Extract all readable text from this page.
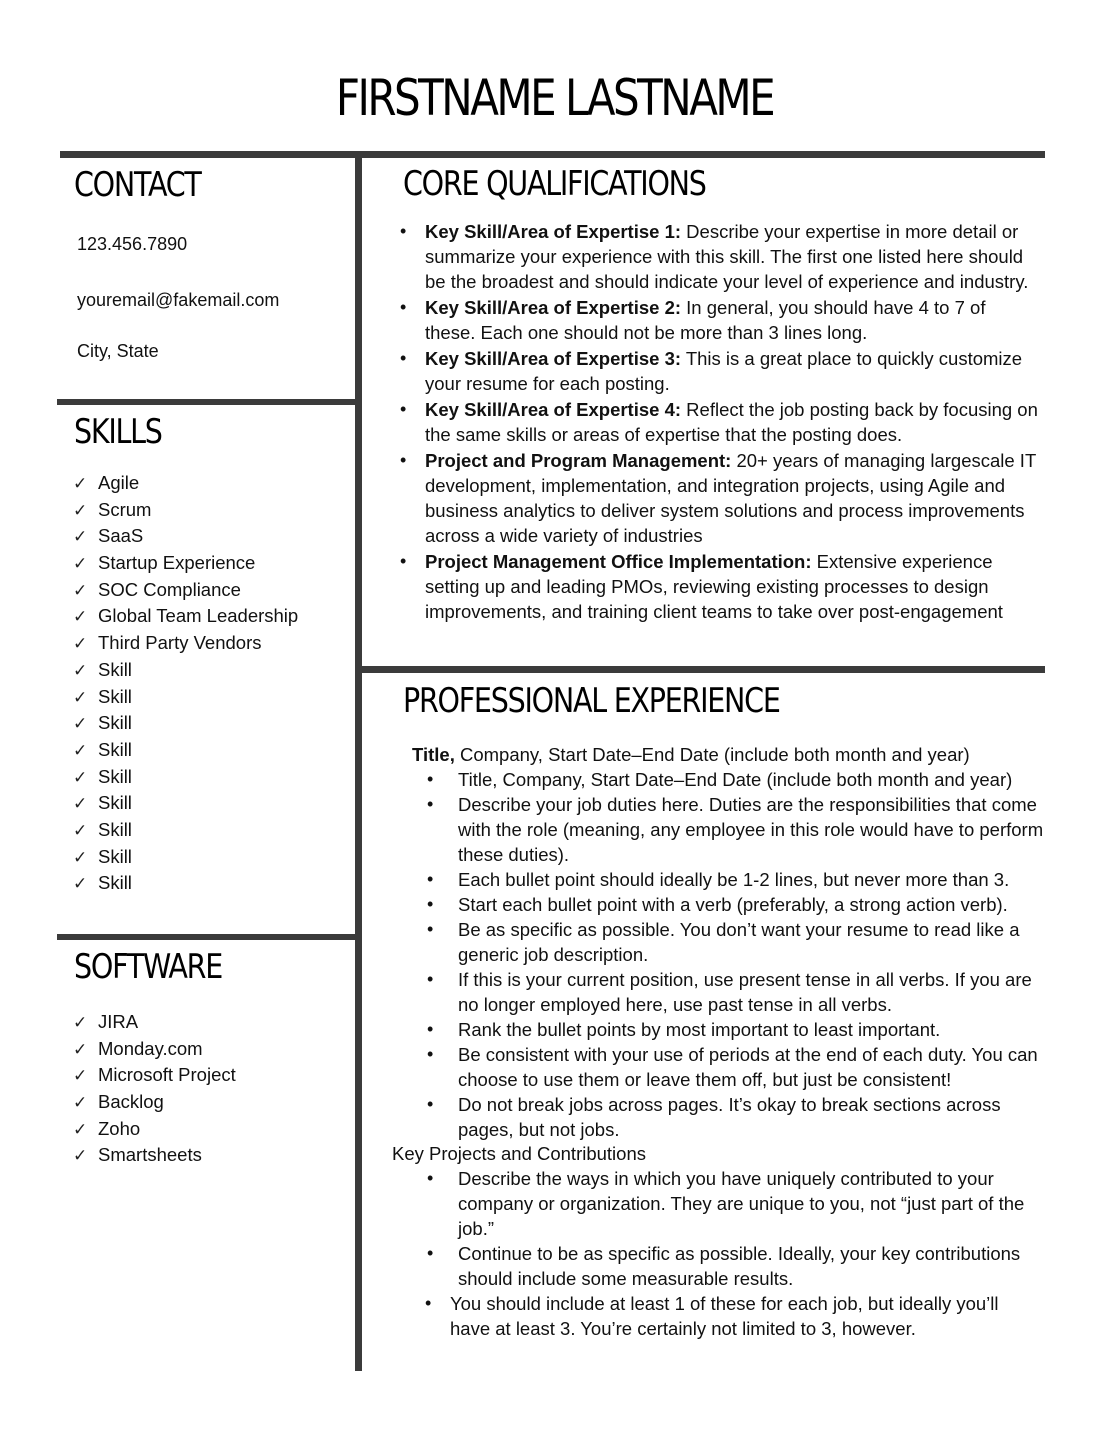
FIRSTNAME LASTNAME
CONTACT
123.456.7890
youremail@fakemail.com
City, State
SKILLS
✓ Agile
✓ Scrum
✓ SaaS
✓ Startup Experience
✓ SOC Compliance
✓ Global Team Leadership
✓ Third Party Vendors
✓ Skill
✓ Skill
✓ Skill
✓ Skill
✓ Skill
✓ Skill
✓ Skill
✓ Skill
✓ Skill
SOFTWARE
✓ JIRA
✓ Monday.com
✓ Microsoft Project
✓ Backlog
✓ Zoho
✓ Smartsheets
CORE QUALIFICATIONS
• Key Skill/Area of Expertise 1: Describe your expertise in more detail or summarize your experience with this skill. The first one listed here should be the broadest and should indicate your level of experience and industry.
• Key Skill/Area of Expertise 2: In general, you should have 4 to 7 of these. Each one should not be more than 3 lines long.
• Key Skill/Area of Expertise 3: This is a great place to quickly customize your resume for each posting.
• Key Skill/Area of Expertise 4: Reflect the job posting back by focusing on the same skills or areas of expertise that the posting does.
• Project and Program Management: 20+ years of managing largescale IT development, implementation, and integration projects, using Agile and business analytics to deliver system solutions and process improvements across a wide variety of industries
• Project Management Office Implementation: Extensive experience setting up and leading PMOs, reviewing existing processes to design improvements, and training client teams to take over post-engagement
PROFESSIONAL EXPERIENCE
Title, Company, Start Date–End Date (include both month and year)
• Title, Company, Start Date–End Date (include both month and year)
• Describe your job duties here. Duties are the responsibilities that come with the role (meaning, any employee in this role would have to perform these duties).
• Each bullet point should ideally be 1-2 lines, but never more than 3.
• Start each bullet point with a verb (preferably, a strong action verb).
• Be as specific as possible. You don’t want your resume to read like a generic job description.
• If this is your current position, use present tense in all verbs. If you are no longer employed here, use past tense in all verbs.
• Rank the bullet points by most important to least important.
• Be consistent with your use of periods at the end of each duty. You can choose to use them or leave them off, but just be consistent!
• Do not break jobs across pages. It’s okay to break sections across pages, but not jobs.
Key Projects and Contributions
• Describe the ways in which you have uniquely contributed to your company or organization. They are unique to you, not “just part of the job.”
• Continue to be as specific as possible. Ideally, your key contributions should include some measurable results.
• You should include at least 1 of these for each job, but ideally you’ll have at least 3. You’re certainly not limited to 3, however.
